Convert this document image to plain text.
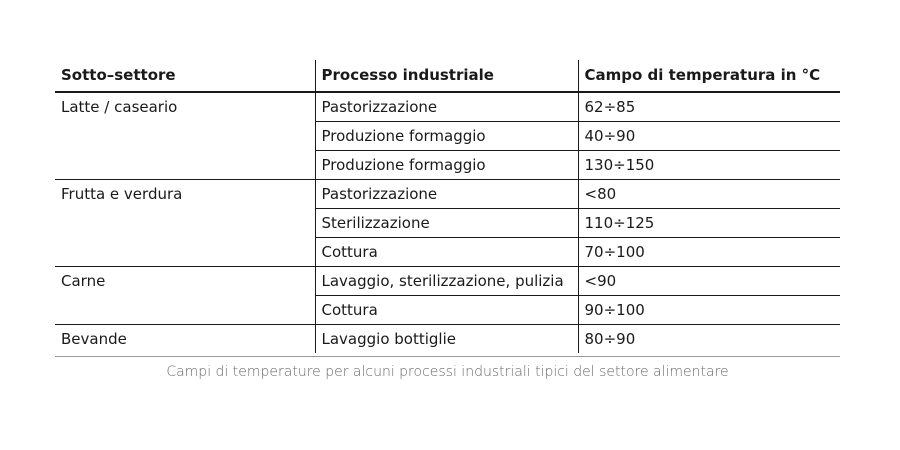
Sotto–settore	Processo industriale	Campo di temperatura in °C
Latte / caseario	Pastorizzazione	62÷85
	Produzione formaggio	40÷90
	Produzione formaggio	130÷150
Frutta e verdura	Pastorizzazione	<80
	Sterilizzazione	110÷125
	Cottura	70÷100
Carne	Lavaggio, sterilizzazione, pulizia	<90
	Cottura	90÷100
Bevande	Lavaggio bottiglie	80÷90
Campi di temperature per alcuni processi industriali tipici del settore alimentare
